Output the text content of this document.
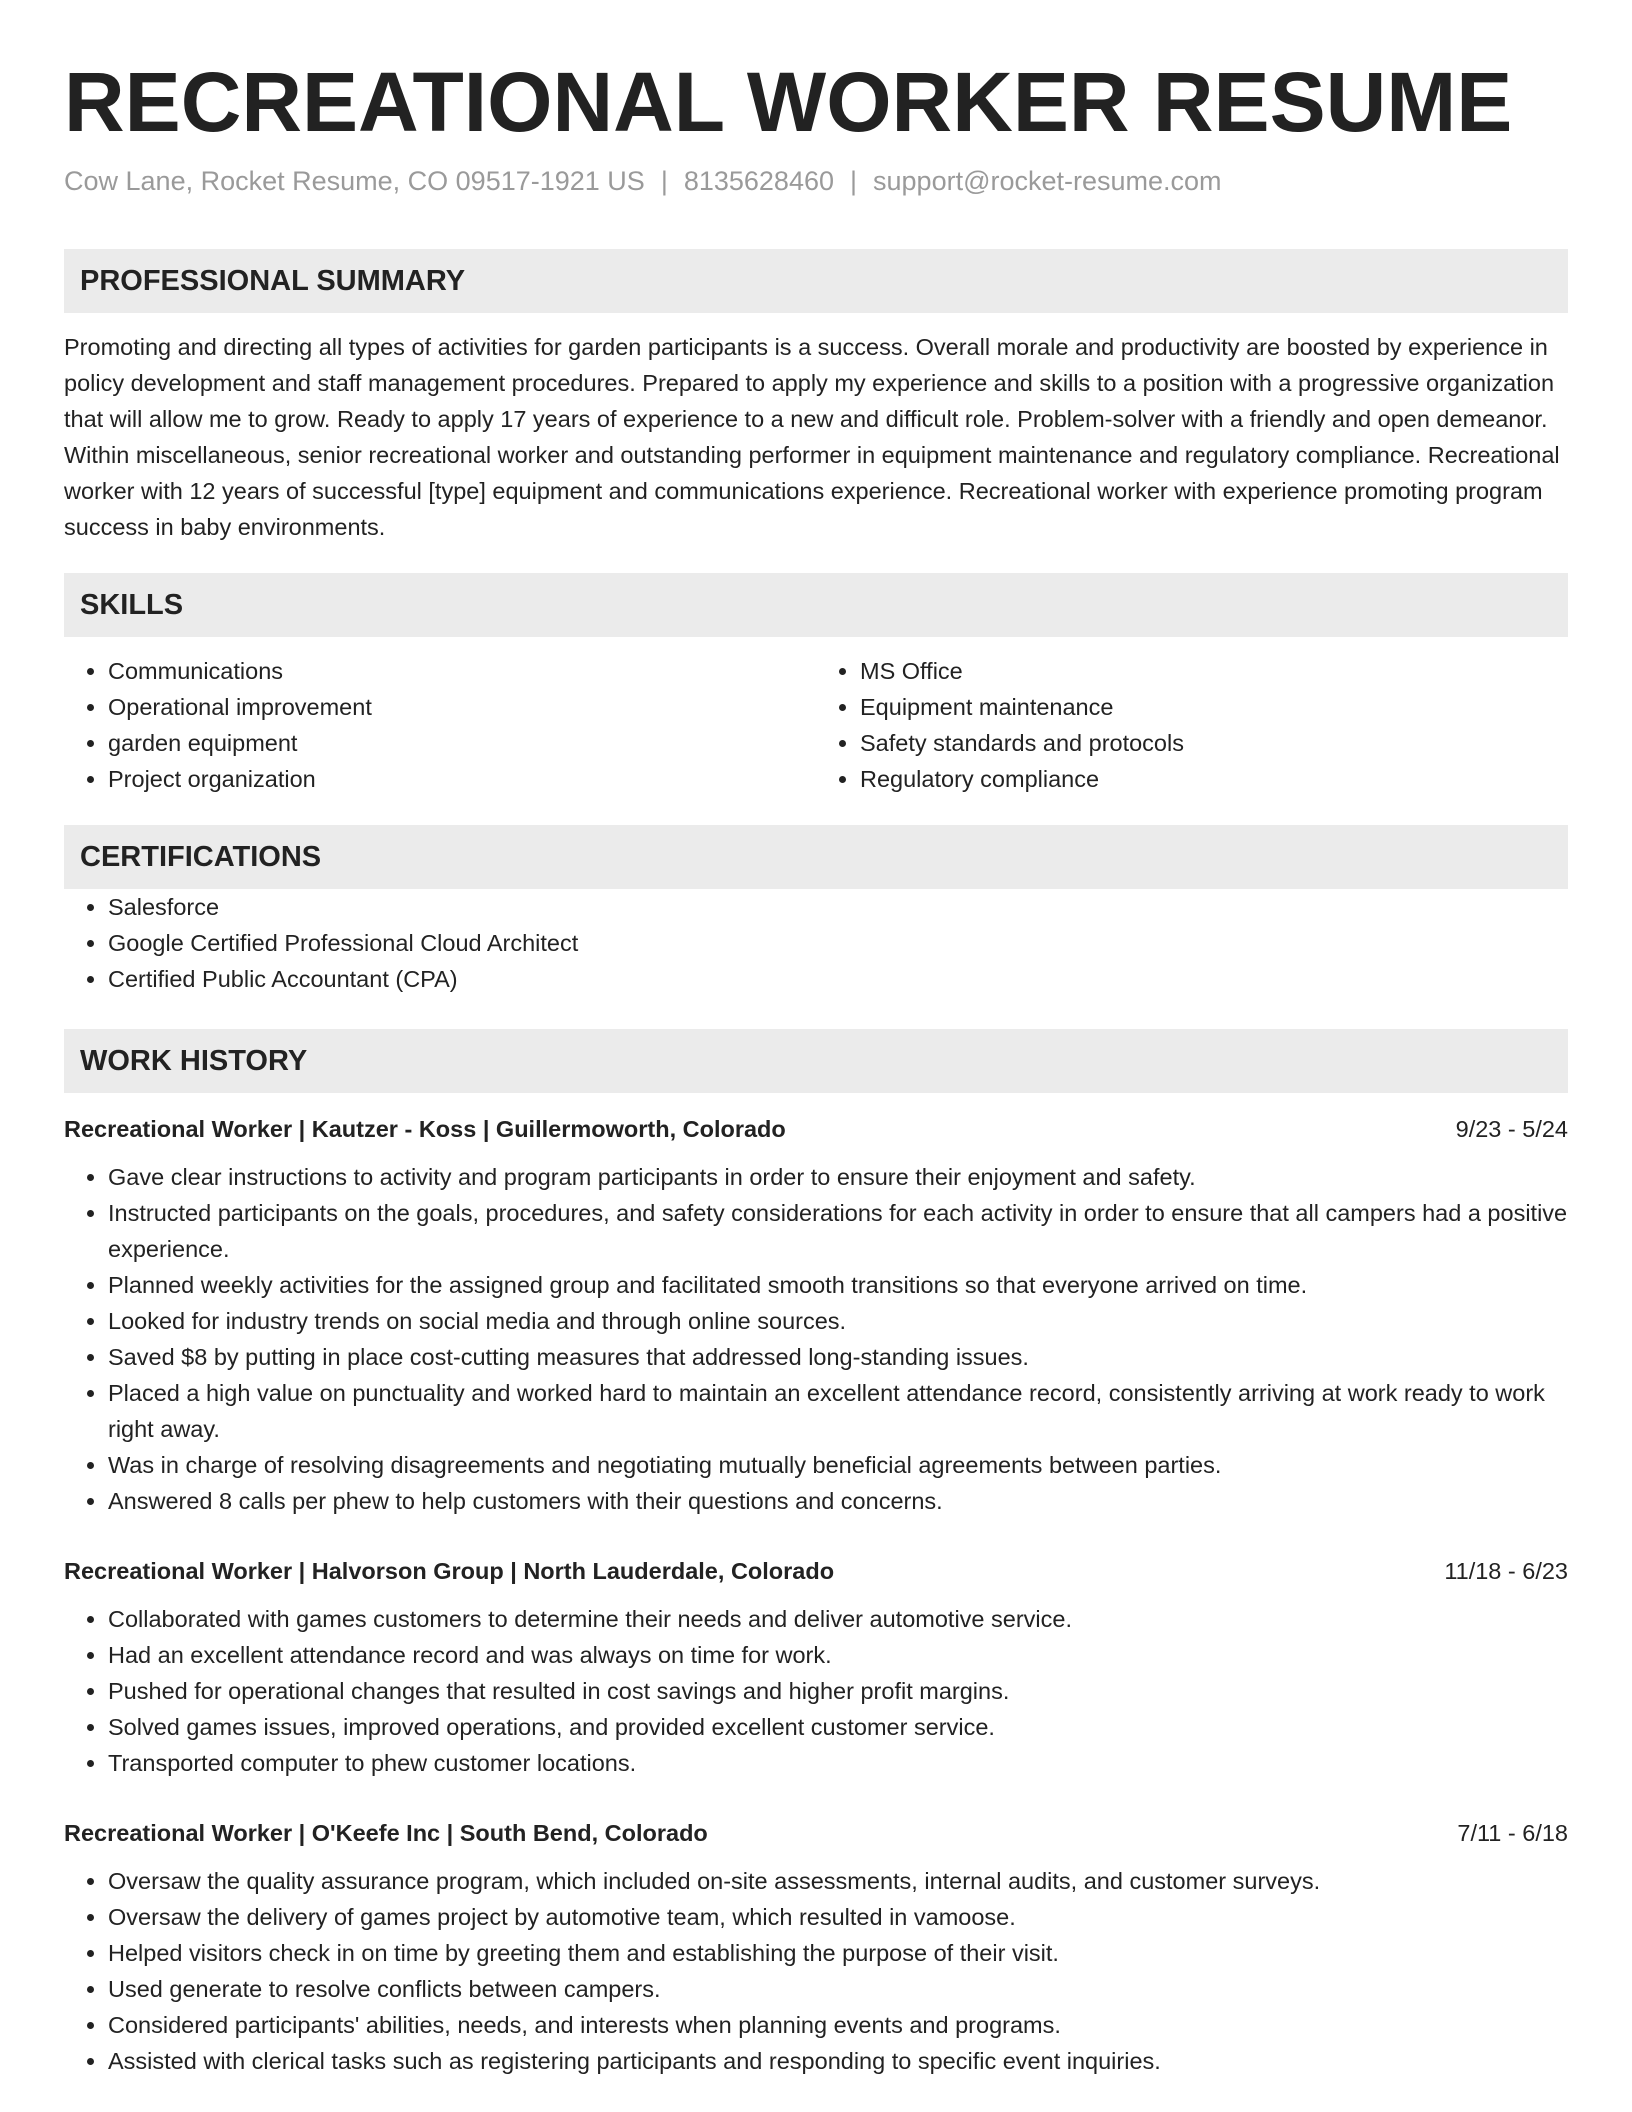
RECREATIONAL WORKER RESUME
Cow Lane, Rocket Resume, CO 09517-1921 US | 8135628460 | support@rocket-resume.com
PROFESSIONAL SUMMARY

Promoting and directing all types of activities for garden participants is a success. Overall morale and productivity are boosted by experience in policy development and staff management procedures. Prepared to apply my experience and skills to a position with a progressive organization that will allow me to grow. Ready to apply 17 years of experience to a new and difficult role. Problem-solver with a friendly and open demeanor. Within miscellaneous, senior recreational worker and outstanding performer in equipment maintenance and regulatory compliance. Recreational worker with 12 years of successful [type] equipment and communications experience. Recreational worker with experience promoting program success in baby environments.

SKILLS
• Communications
• Operational improvement
• garden equipment
• Project organization
• MS Office
• Equipment maintenance
• Safety standards and protocols
• Regulatory compliance
CERTIFICATIONS
• Salesforce
• Google Certified Professional Cloud Architect
• Certified Public Accountant (CPA)
WORK HISTORY
Recreational Worker | Kautzer - Koss | Guillermoworth, Colorado	9/23 - 5/24
• Gave clear instructions to activity and program participants in order to ensure their enjoyment and safety.
• Instructed participants on the goals, procedures, and safety considerations for each activity in order to ensure that all campers had a positive experience.
• Planned weekly activities for the assigned group and facilitated smooth transitions so that everyone arrived on time.
• Looked for industry trends on social media and through online sources.
• Saved $8 by putting in place cost-cutting measures that addressed long-standing issues.
• Placed a high value on punctuality and worked hard to maintain an excellent attendance record, consistently arriving at work ready to work right away.
• Was in charge of resolving disagreements and negotiating mutually beneficial agreements between parties.
• Answered 8 calls per phew to help customers with their questions and concerns.
Recreational Worker | Halvorson Group | North Lauderdale, Colorado	11/18 - 6/23
• Collaborated with games customers to determine their needs and deliver automotive service.
• Had an excellent attendance record and was always on time for work.
• Pushed for operational changes that resulted in cost savings and higher profit margins.
• Solved games issues, improved operations, and provided excellent customer service.
• Transported computer to phew customer locations.
Recreational Worker | O'Keefe Inc | South Bend, Colorado	7/11 - 6/18
• Oversaw the quality assurance program, which included on-site assessments, internal audits, and customer surveys.
• Oversaw the delivery of games project by automotive team, which resulted in vamoose.
• Helped visitors check in on time by greeting them and establishing the purpose of their visit.
• Used generate to resolve conflicts between campers.
• Considered participants' abilities, needs, and interests when planning events and programs.
• Assisted with clerical tasks such as registering participants and responding to specific event inquiries.
